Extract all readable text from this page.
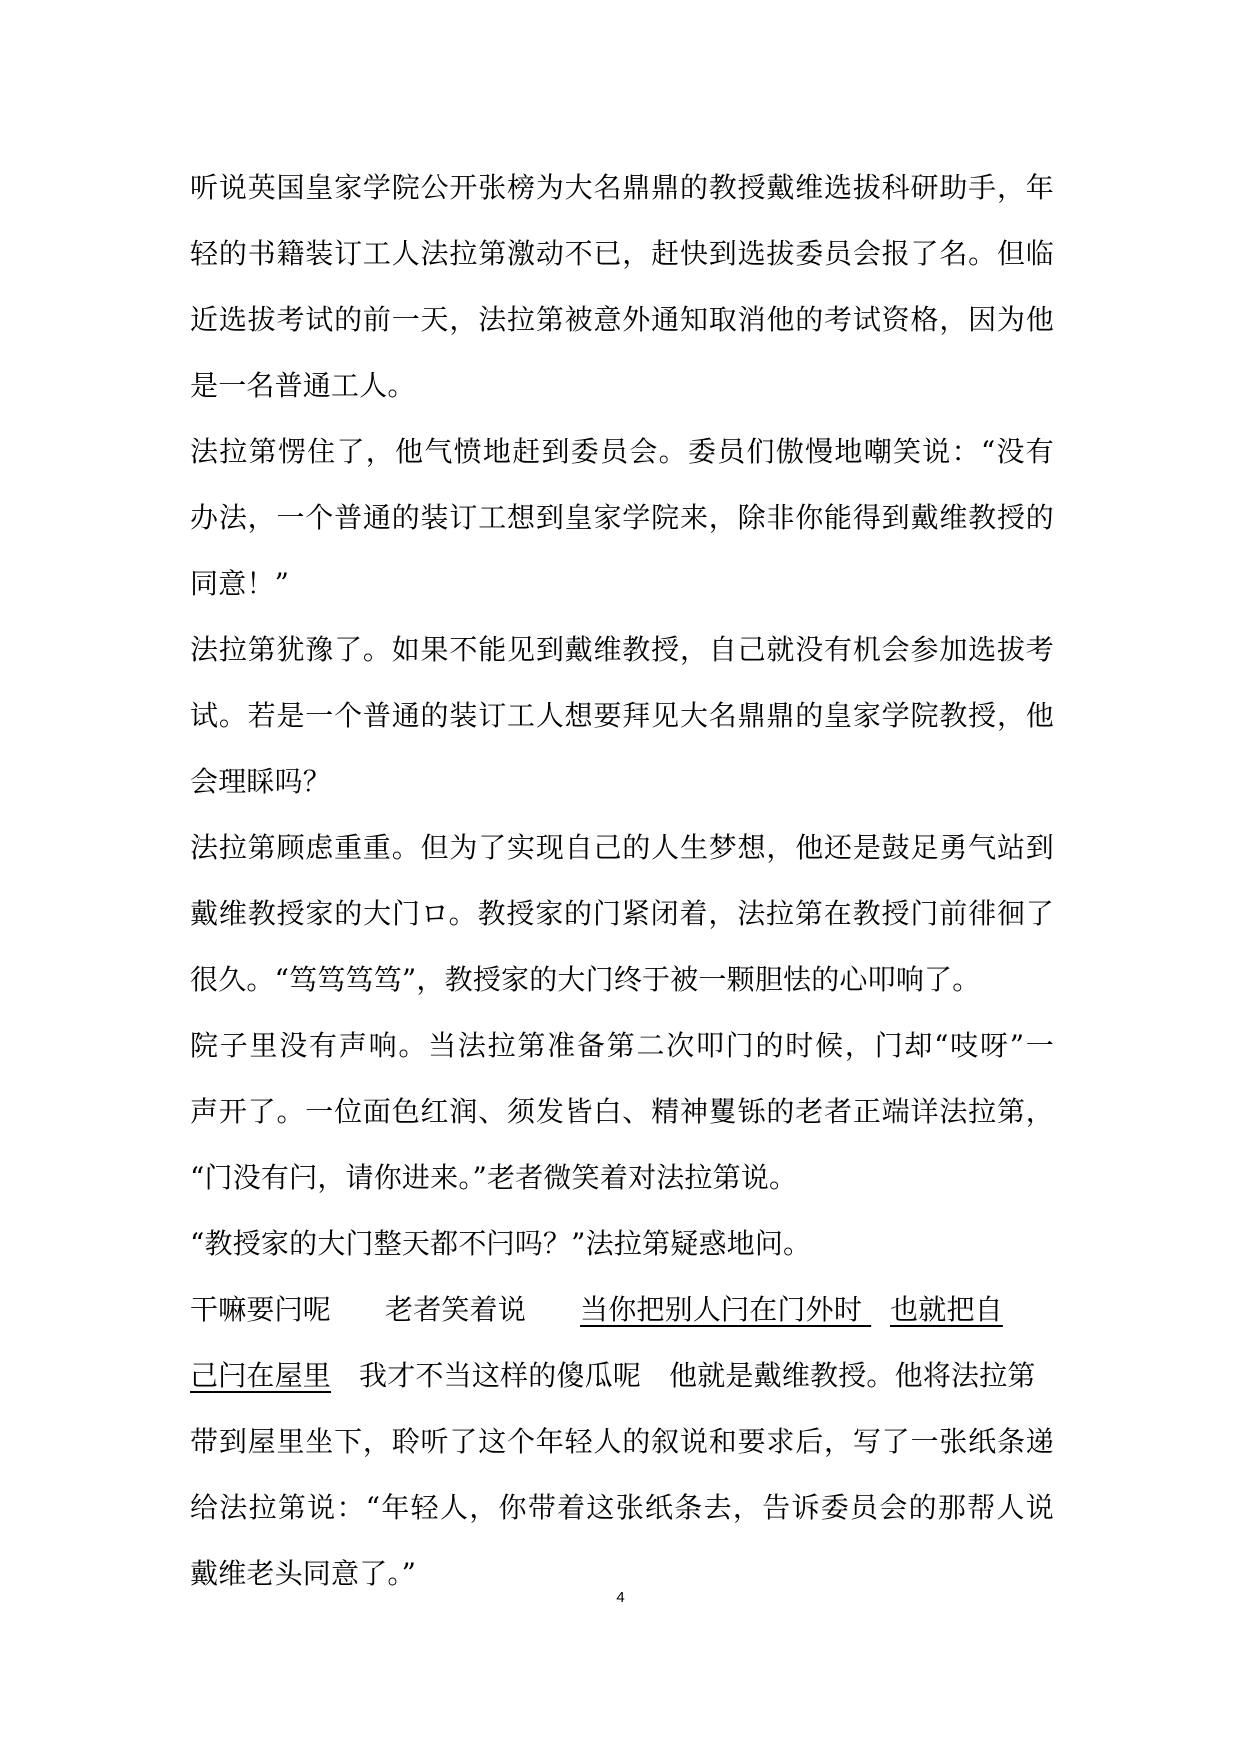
听说英国皇家学院公开张榜为大名鼎鼎的教授戴维选拔科研助手，年
轻的书籍装订工人法拉第激动不已，赶快到选拔委员会报了名。但临
近选拔考试的前一天，法拉第被意外通知取消他的考试资格，因为他
是一名普通工人。
法拉第愣住了，他气愤地赶到委员会。委员们傲慢地嘲笑说：“没有
办法，一个普通的装订工想到皇家学院来，除非你能得到戴维教授的
同意！”
法拉第犹豫了。如果不能见到戴维教授，自己就没有机会参加选拔考
试。若是一个普通的装订工人想要拜见大名鼎鼎的皇家学院教授，他
会理睬吗？
法拉第顾虑重重。但为了实现自己的人生梦想，他还是鼓足勇气站到
戴维教授家的大门ロ。教授家的门紧闭着，法拉第在教授门前徘徊了
很久。“笃笃笃笃”，教授家的大门终于被一颗胆怯的心叩响了。
院子里没有声响。当法拉第准备第二次叩门的时候，门却“吱呀”一
声开了。一位面色红润、须发皆白、精神矍铄的老者正端详法拉第，
“门没有闩，请你进来。”老者微笑着对法拉第说。
“教授家的大门整天都不闩吗？”法拉第疑惑地问。
干嘛要闩呢 老者笑着说 当你把别人闩在门外时 也就把自
己闩在屋里 我才不当这样的傻瓜呢 他就是戴维教授。他将法拉第
带到屋里坐下，聆听了这个年轻人的叙说和要求后，写了一张纸条递
给法拉第说：“年轻人，你带着这张纸条去，告诉委员会的那帮人说
戴维老头同意了。”
4
